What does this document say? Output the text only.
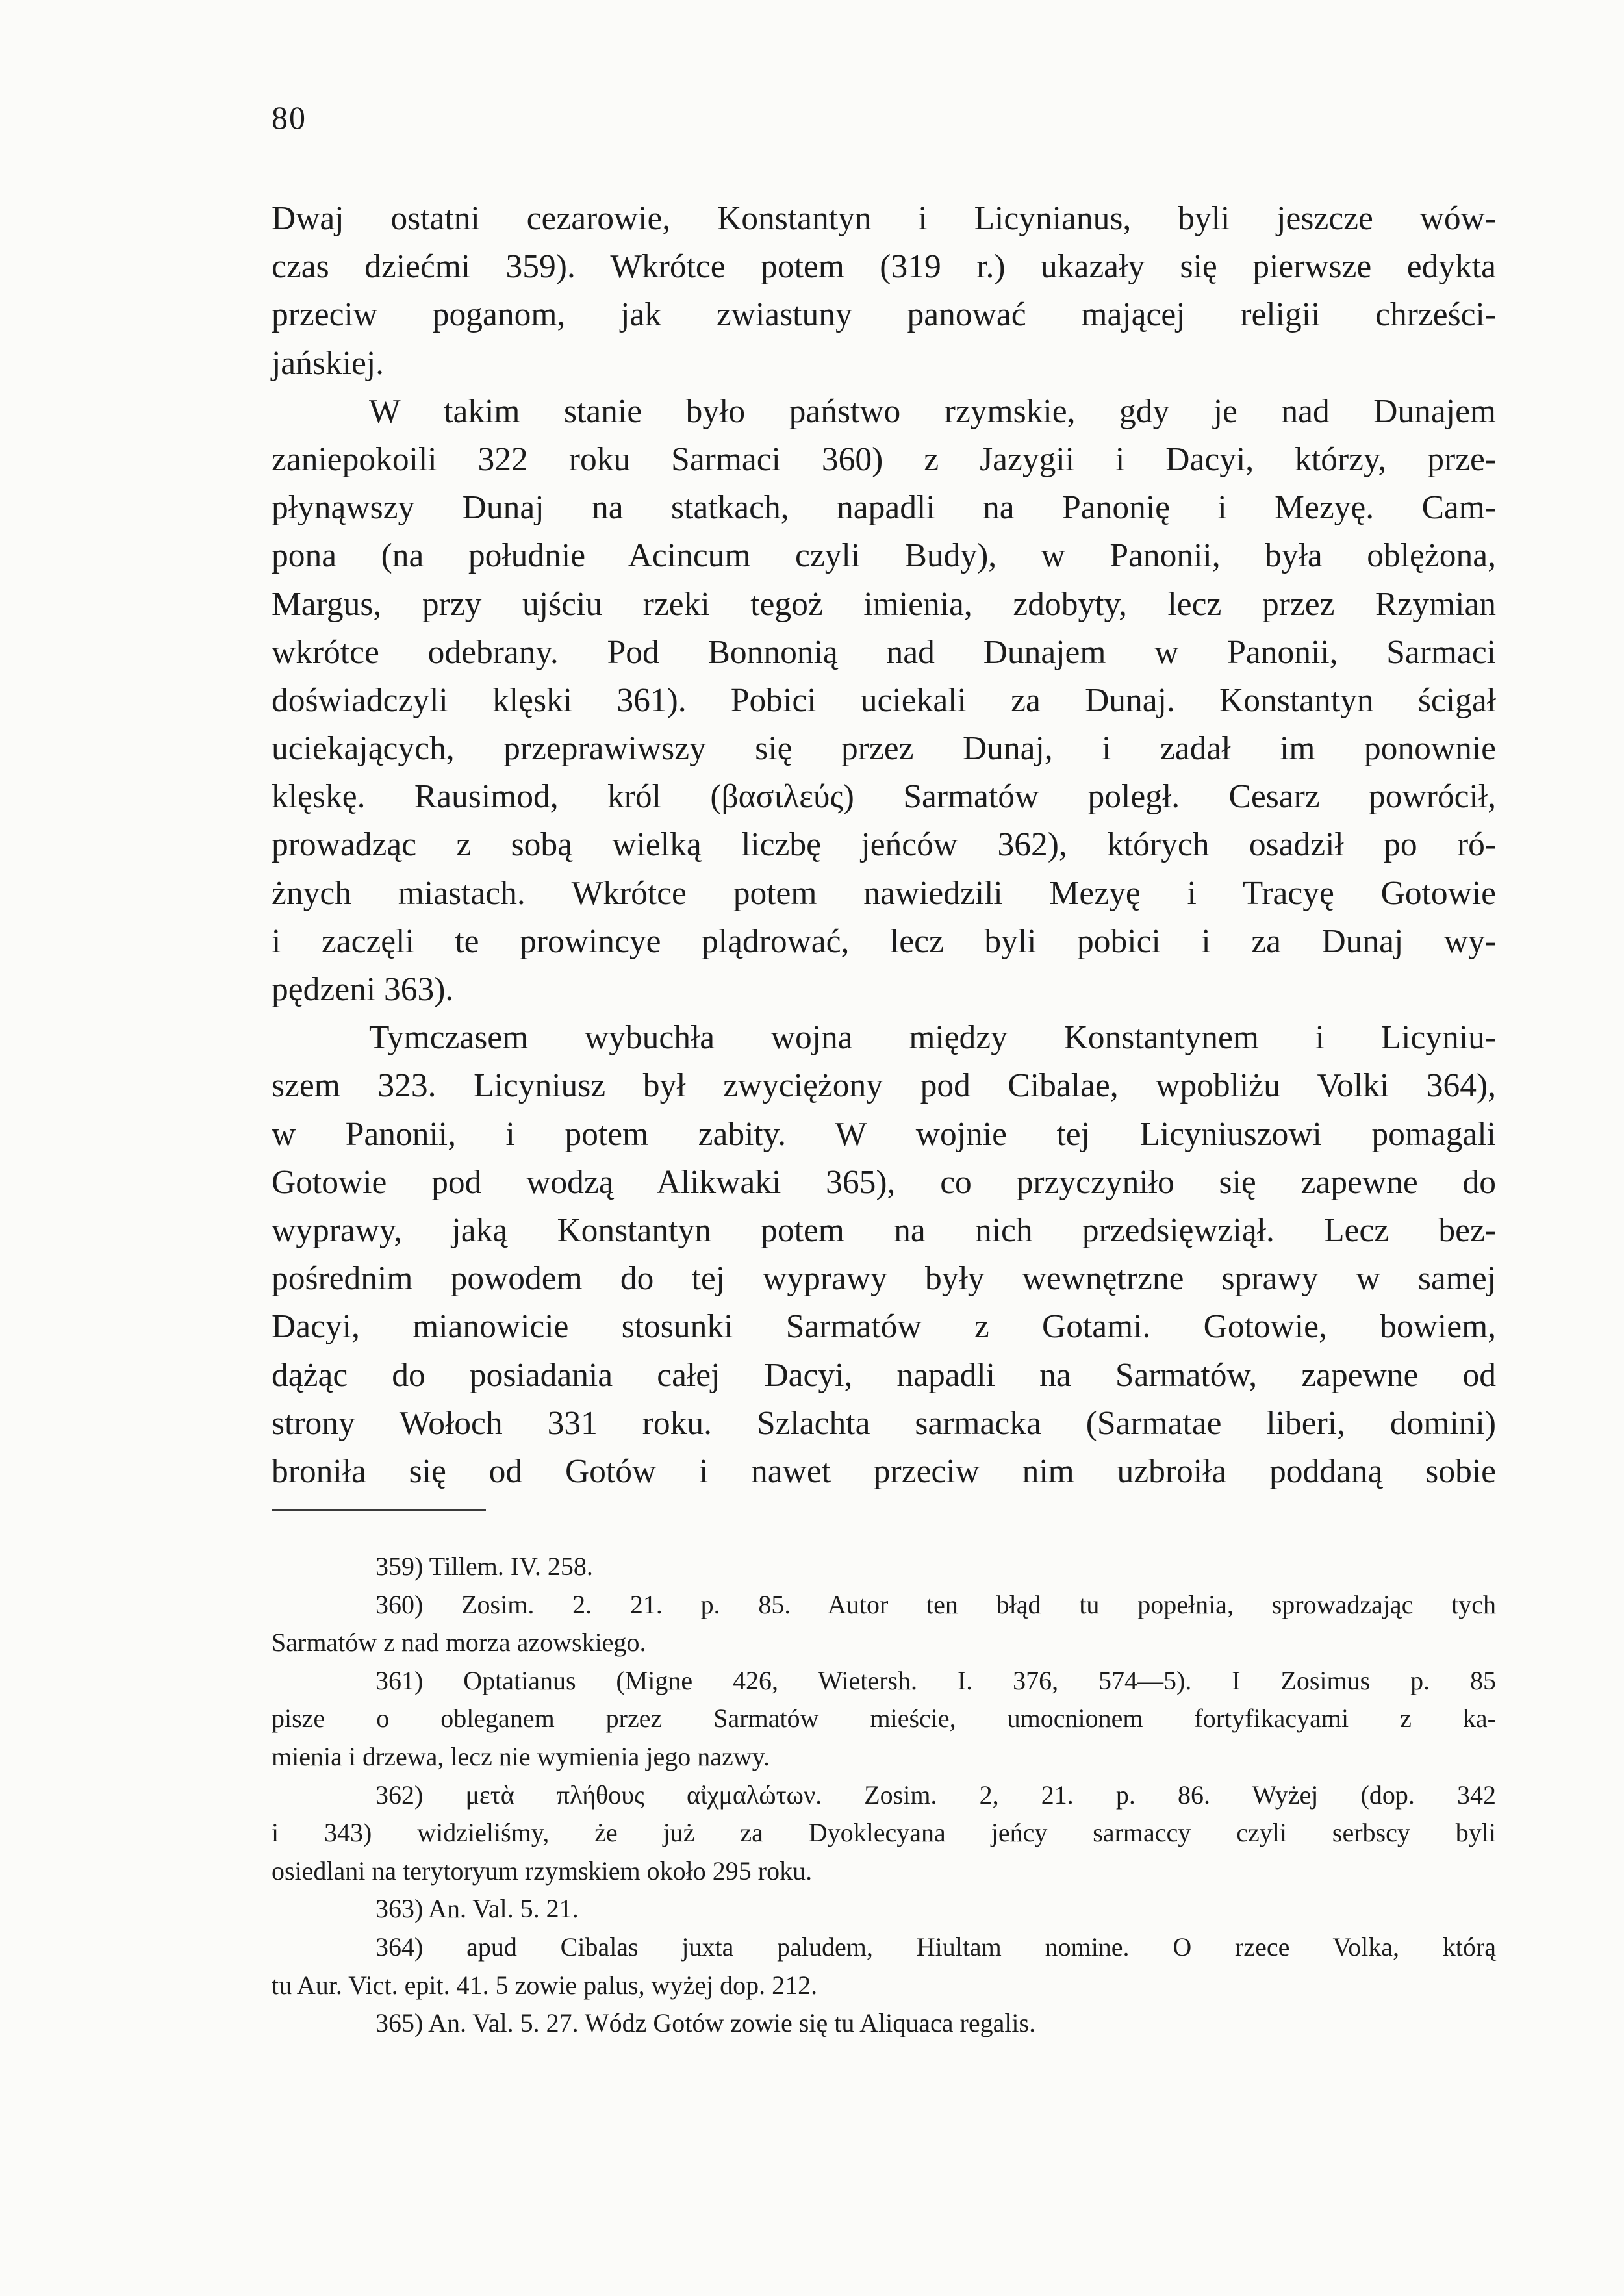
80
Dwaj ostatni cezarowie, Konstantyn i Licynianus, byli jeszcze wów-
czas dziećmi 359). Wkrótce potem (319 r.) ukazały się pierwsze edykta
przeciw poganom, jak zwiastuny panować mającej religii chrześci-
jańskiej.
W takim stanie było państwo rzymskie, gdy je nad Dunajem
zaniepokoili 322 roku Sarmaci 360) z Jazygii i Dacyi, którzy, prze-
płynąwszy Dunaj na statkach, napadli na Panonię i Mezyę. Cam-
pona (na południe Acincum czyli Budy), w Panonii, była oblężona,
Margus, przy ujściu rzeki tegoż imienia, zdobyty, lecz przez Rzymian
wkrótce odebrany. Pod Bonnonią nad Dunajem w Panonii, Sarmaci
doświadczyli klęski 361). Pobici uciekali za Dunaj. Konstantyn ścigał
uciekających, przeprawiwszy się przez Dunaj, i zadał im ponownie
klęskę. Rausimod, król (βασιλεύς) Sarmatów poległ. Cesarz powrócił,
prowadząc z sobą wielką liczbę jeńców 362), których osadził po ró-
żnych miastach. Wkrótce potem nawiedzili Mezyę i Tracyę Gotowie
i zaczęli te prowincye plądrować, lecz byli pobici i za Dunaj wy-
pędzeni 363).
Tymczasem wybuchła wojna między Konstantynem i Licyniu-
szem 323. Licyniusz był zwyciężony pod Cibalae, wpobliżu Volki 364),
w Panonii, i potem zabity. W wojnie tej Licyniuszowi pomagali
Gotowie pod wodzą Alikwaki 365), co przyczyniło się zapewne do
wyprawy, jaką Konstantyn potem na nich przedsięwziął. Lecz bez-
pośrednim powodem do tej wyprawy były wewnętrzne sprawy w samej
Dacyi, mianowicie stosunki Sarmatów z Gotami. Gotowie, bowiem,
dążąc do posiadania całej Dacyi, napadli na Sarmatów, zapewne od
strony Wołoch 331 roku. Szlachta sarmacka (Sarmatae liberi, domini)
broniła się od Gotów i nawet przeciw nim uzbroiła poddaną sobie
359) Tillem. IV. 258.
360) Zosim. 2. 21. p. 85. Autor ten błąd tu popełnia, sprowadzając tych
Sarmatów z nad morza azowskiego.
361) Optatianus (Migne 426, Wietersh. I. 376, 574—5). I Zosimus p. 85
pisze o obleganem przez Sarmatów mieście, umocnionem fortyfikacyami z ka-
mienia i drzewa, lecz nie wymienia jego nazwy.
362) μετὰ πλήθους αἰχμαλώτων. Zosim. 2, 21. p. 86. Wyżej (dop. 342
i 343) widzieliśmy, że już za Dyoklecyana jeńcy sarmaccy czyli serbscy byli
osiedlani na terytoryum rzymskiem około 295 roku.
363) An. Val. 5. 21.
364) apud Cibalas juxta paludem, Hiultam nomine. O rzece Volka, którą
tu Aur. Vict. epit. 41. 5 zowie palus, wyżej dop. 212.
365) An. Val. 5. 27. Wódz Gotów zowie się tu Aliquaca regalis.
